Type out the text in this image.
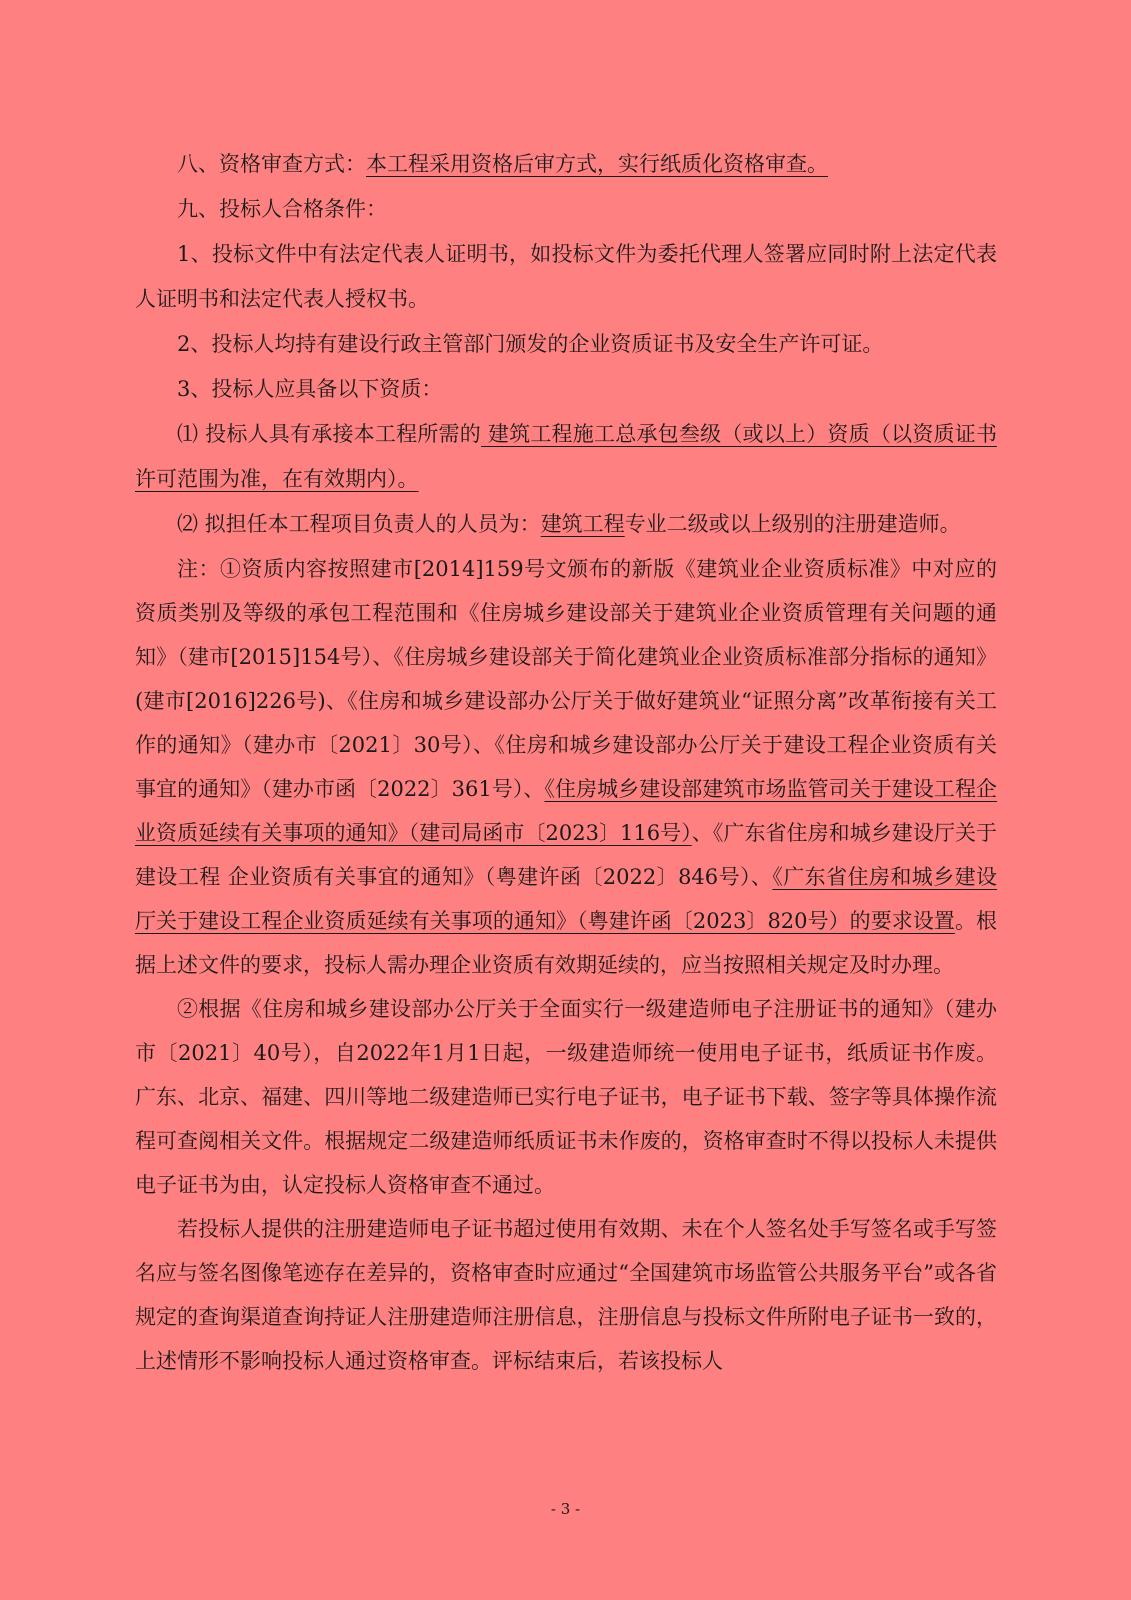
八、资格审查方式：本工程采用资格后审方式，实行纸质化资格审查。

九、投标人合格条件：

1、投标文件中有法定代表人证明书，如投标文件为委托代理人签署应同时附上法定代表人证明书和法定代表人授权书。

2、投标人均持有建设行政主管部门颁发的企业资质证书及安全生产许可证。

3、投标人应具备以下资质：

⑴ 投标人具有承接本工程所需的 建筑工程施工总承包叁级（或以上）资质（以资质证书许可范围为准，在有效期内）。

⑵ 拟担任本工程项目负责人的人员为：建筑工程专业二级或以上级别的注册建造师。

注：①资质内容按照建市[2014]159号文颁布的新版《建筑业企业资质标准》中对应的资质类别及等级的承包工程范围和《住房城乡建设部关于建筑业企业资质管理有关问题的通知》（建市[2015]154号）、《住房城乡建设部关于简化建筑业企业资质标准部分指标的通知》(建市[2016]226号)、《住房和城乡建设部办公厅关于做好建筑业“证照分离”改革衔接有关工作的通知》（建办市〔2021〕30号）、《住房和城乡建设部办公厅关于建设工程企业资质有关事宜的通知》（建办市函〔2022〕361号）、《住房城乡建设部建筑市场监管司关于建设工程企业资质延续有关事项的通知》（建司局函市〔2023〕116号）、《广东省住房和城乡建设厅关于建设工程 企业资质有关事宜的通知》（粤建许函〔2022〕846号）、《广东省住房和城乡建设厅关于建设工程企业资质延续有关事项的通知》（粤建许函〔2023〕820号）的要求设置。根据上述文件的要求，投标人需办理企业资质有效期延续的，应当按照相关规定及时办理。

②根据《住房和城乡建设部办公厅关于全面实行一级建造师电子注册证书的通知》（建办市〔2021〕40号），自2022年1月1日起，一级建造师统一使用电子证书，纸质证书作废。广东、北京、福建、四川等地二级建造师已实行电子证书，电子证书下载、签字等具体操作流程可查阅相关文件。根据规定二级建造师纸质证书未作废的，资格审查时不得以投标人未提供电子证书为由，认定投标人资格审查不通过。

若投标人提供的注册建造师电子证书超过使用有效期、未在个人签名处手写签名或手写签名应与签名图像笔迹存在差异的，资格审查时应通过“全国建筑市场监管公共服务平台”或各省规定的查询渠道查询持证人注册建造师注册信息，注册信息与投标文件所附电子证书一致的，上述情形不影响投标人通过资格审查。评标结束后，若该投标人

- 3 -
